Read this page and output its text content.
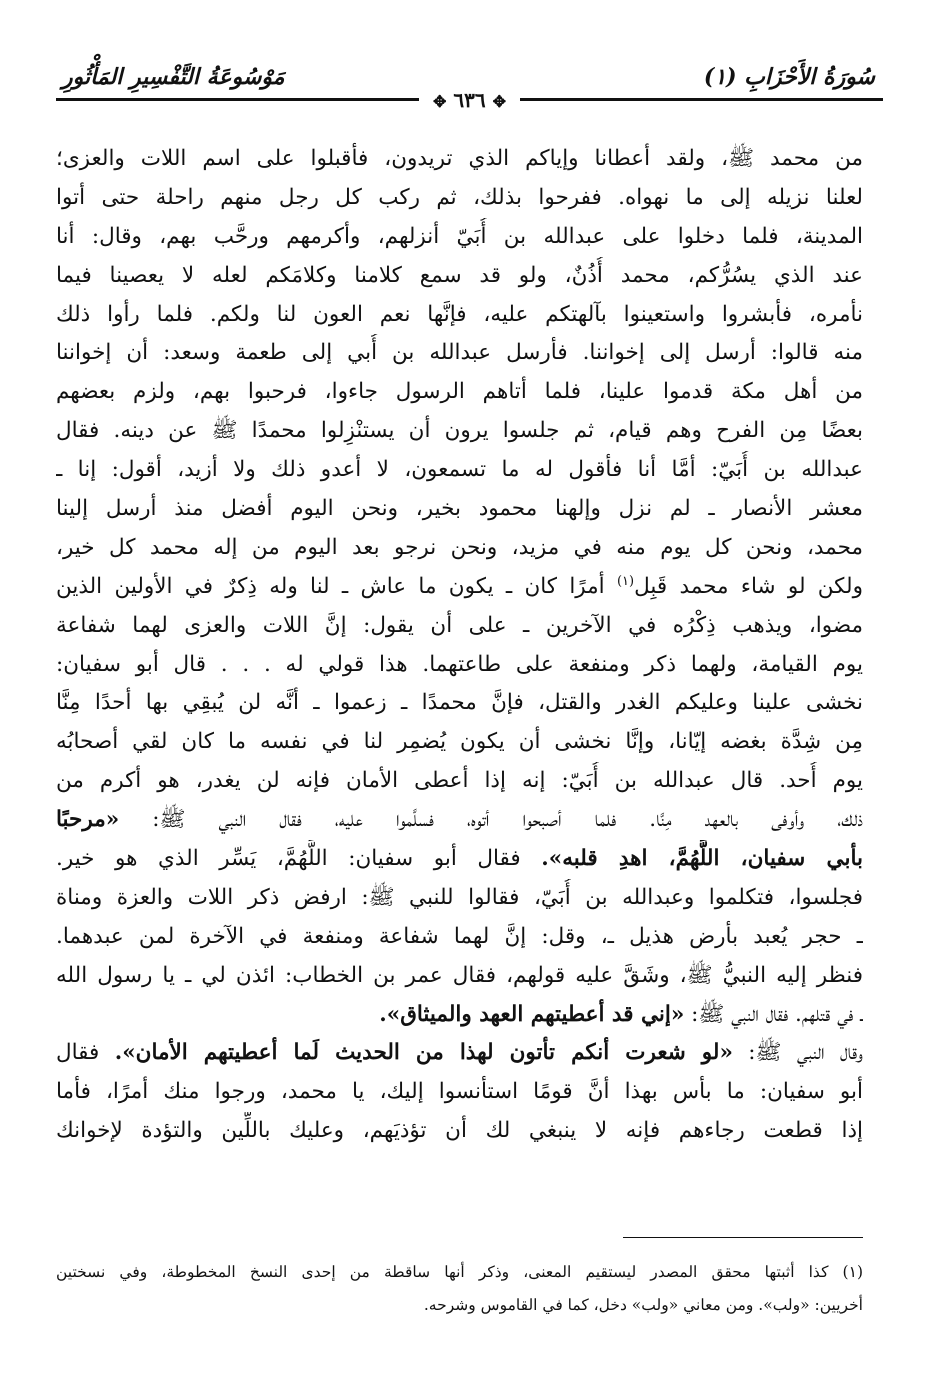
سُورَةُ الأَحْزَابِ (١)
مَوْسُوعَةُ التَّفْسِيرِ المَأْثُورِ
✥ ٦٣٦ ✥
من محمد ﷺ، ولقد أعطانا وإياكم الذي تريدون، فأقبلوا على اسم اللات والعزى؛
لعلنا نزيله إلى ما نهواه. ففرحوا بذلك، ثم ركب كل رجل منهم راحلة حتى أتوا
المدينة، فلما دخلوا على عبدالله بن أُبَيّ أنزلهم، وأكرمهم ورحَّب بهم، وقال: أنا
عند الذي يسُرُّكم، محمد أُذُنٌ، ولو قد سمع كلامنا وكلامَكم لعله لا يعصينا فيما
نأمره، فأبشروا واستعينوا بآلهتكم عليه، فإنَّها نعم العون لنا ولكم. فلما رأوا ذلك
منه قالوا: أرسل إلى إخواننا. فأرسل عبدالله بن أُبي إلى طعمة وسعد: أن إخواننا
من أهل مكة قدموا علينا، فلما أتاهم الرسول جاءوا، فرحبوا بهم، ولزم بعضهم
بعضًا مِن الفرح وهم قيام، ثم جلسوا يرون أن يستنْزِلوا محمدًا ﷺ عن دينه. فقال
عبدالله بن أُبَيّ: أمَّا أنا فأقول له ما تسمعون، لا أعدو ذلك ولا أزيد، أقول: إنا ـ
معشر الأنصار ـ لم نزل وإلهنا محمود بخير، ونحن اليوم أفضل منذ أرسل إلينا
محمد، ونحن كل يوم منه في مزيد، ونحن نرجو بعد اليوم من إله محمد كل خير،
ولكن لو شاء محمد قَبِل$^{(١)}$ أمرًا كان ـ يكون ما عاش ـ لنا وله ذِكرٌ في الأولين الذين
مضوا، ويذهب ذِكْرُه في الآخرين ـ على أن يقول: إنَّ اللات والعزى لهما شفاعة
يوم القيامة، ولهما ذكر ومنفعة على طاعتهما. هذا قولي له . . . قال أبو سفيان:
نخشى علينا وعليكم الغدر والقتل، فإنَّ محمدًا ـ زعموا ـ أنَّه لن يُبقِي بها أحدًا مِنَّا
مِن شِدَّة بغضه إيّانا، وإنَّا نخشى أن يكون يُضمِر لنا في نفسه ما كان لقي أصحابُه
يوم أُحد. قال عبدالله بن أُبَيّ: إنه إذا أعطى الأمان فإنه لن يغدر، هو أكرم من
ذلك، وأوفى بالعهد مِنَّا. فلما أصبحوا أتوه، فسلَّموا عليه، فقال النبي ﷺ: «مرحبًا
بأبي سفيان، اللَّهُمَّ، اهدِ قلبه». فقال أبو سفيان: اللَّهُمَّ، يَسِّر الذي هو خير.
فجلسوا، فتكلموا وعبدالله بن أُبَيّ، فقالوا للنبي ﷺ: ارفض ذكر اللات والعزة ومناة
ـ حجر يُعبد بأرض هذيل ـ، وقل: إنَّ لهما شفاعة ومنفعة في الآخرة لمن عبدهما.
فنظر إليه النبيُّ ﷺ، وشَقَّ عليه قولهم، فقال عمر بن الخطاب: ائذن لي ـ يا رسول الله
ـ في قتلهم. فقال النبي ﷺ: «إني قد أعطيتهم العهد والميثاق».
وقال النبي ﷺ: «لو شعرت أنكم تأتون لهذا من الحديث لَما أعطيتهم الأمان». فقال
أبو سفيان: ما بأس بهذا أنَّ قومًا استأنسوا إليك، يا محمد، ورجوا منك أمرًا، فأما
إذا قطعت رجاءهم فإنه لا ينبغي لك أن تؤذيَهم، وعليك باللِّين والتؤدة لإخوانك
(١) كذا أثبتها محقق المصدر ليستقيم المعنى، وذكر أنها ساقطة من إحدى النسخ المخطوطة، وفي نسختين
أخريين: «ولب». ومن معاني «ولب» دخل، كما في القاموس وشرحه.
